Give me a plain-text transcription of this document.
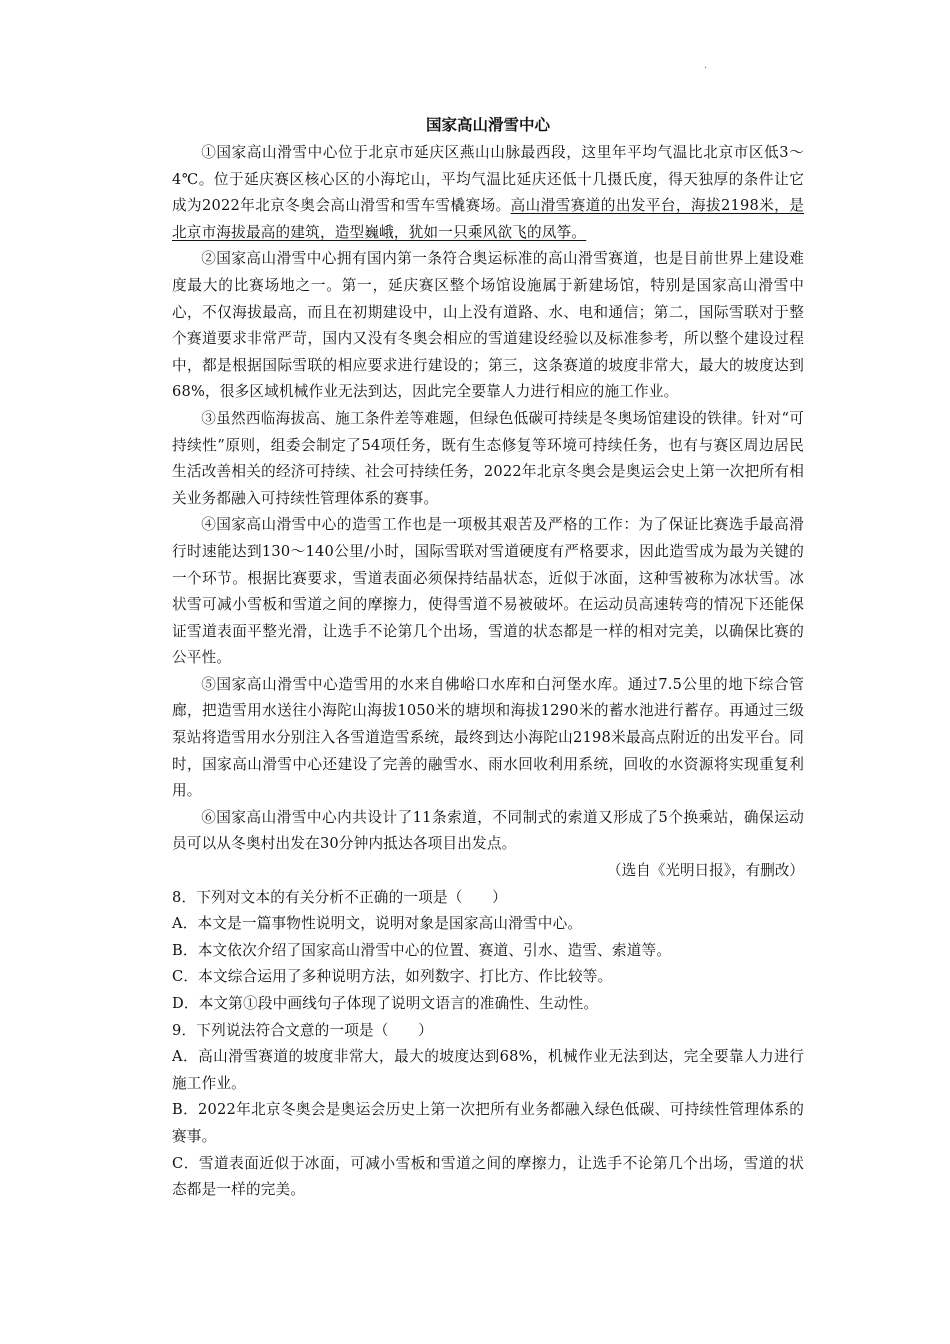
·
国家高山滑雪中心

①国家高山滑雪中心位于北京市延庆区燕山山脉最西段，这里年平均气温比北京市区低3～4℃。位于延庆赛区核心区的小海坨山，平均气温比延庆还低十几摄氏度，得天独厚的条件让它成为2022年北京冬奥会高山滑雪和雪车雪橇赛场。高山滑雪赛道的出发平台，海拔2198米，是北京市海拔最高的建筑，造型巍峨，犹如一只乘风欲飞的凤筝。

②国家高山滑雪中心拥有国内第一条符合奥运标准的高山滑雪赛道，也是目前世界上建设难度最大的比赛场地之一。第一，延庆赛区整个场馆设施属于新建场馆，特别是国家高山滑雪中心，不仅海拔最高，而且在初期建设中，山上没有道路、水、电和通信；第二，国际雪联对于整个赛道要求非常严苛，国内又没有冬奥会相应的雪道建设经验以及标准参考，所以整个建设过程中，都是根据国际雪联的相应要求进行建设的；第三，这条赛道的坡度非常大，最大的坡度达到68%，很多区域机械作业无法到达，因此完全要靠人力进行相应的施工作业。

③虽然西临海拔高、施工条件差等难题，但绿色低碳可持续是冬奥场馆建设的铁律。针对“可持续性”原则，组委会制定了54项任务，既有生态修复等环境可持续任务，也有与赛区周边居民生活改善相关的经济可持续、社会可持续任务，2022年北京冬奥会是奥运会史上第一次把所有相关业务都融入可持续性管理体系的赛事。

④国家高山滑雪中心的造雪工作也是一项极其艰苦及严格的工作：为了保证比赛选手最高滑行时速能达到130～140公里/小时，国际雪联对雪道硬度有严格要求，因此造雪成为最为关键的一个环节。根据比赛要求，雪道表面必须保持结晶状态，近似于冰面，这种雪被称为冰状雪。冰状雪可减小雪板和雪道之间的摩擦力，使得雪道不易被破坏。在运动员高速转弯的情况下还能保证雪道表面平整光滑，让选手不论第几个出场，雪道的状态都是一样的相对完美，以确保比赛的公平性。

⑤国家高山滑雪中心造雪用的水来自佛峪口水库和白河堡水库。通过7.5公里的地下综合管廊，把造雪用水送往小海陀山海拔1050米的塘坝和海拔1290米的蓄水池进行蓄存。再通过三级泵站将造雪用水分别注入各雪道造雪系统，最终到达小海陀山2198米最高点附近的出发平台。同时，国家高山滑雪中心还建设了完善的融雪水、雨水回收利用系统，回收的水资源将实现重复利用。

⑥国家高山滑雪中心内共设计了11条索道，不同制式的索道又形成了5个换乘站，确保运动员可以从冬奥村出发在30分钟内抵达各项目出发点。

（选自《光明日报》，有删改）

8．下列对文本的有关分析不正确的一项是（　　）

A．本文是一篇事物性说明文，说明对象是国家高山滑雪中心。

B．本文依次介绍了国家高山滑雪中心的位置、赛道、引水、造雪、索道等。

C．本文综合运用了多种说明方法，如列数字、打比方、作比较等。

D．本文第①段中画线句子体现了说明文语言的准确性、生动性。

9．下列说法符合文意的一项是（　　）

A．高山滑雪赛道的坡度非常大，最大的坡度达到68%，机械作业无法到达，完全要靠人力进行施工作业。

B．2022年北京冬奥会是奥运会历史上第一次把所有业务都融入绿色低碳、可持续性管理体系的赛事。

C．雪道表面近似于冰面，可减小雪板和雪道之间的摩擦力，让选手不论第几个出场，雪道的状态都是一样的完美。
